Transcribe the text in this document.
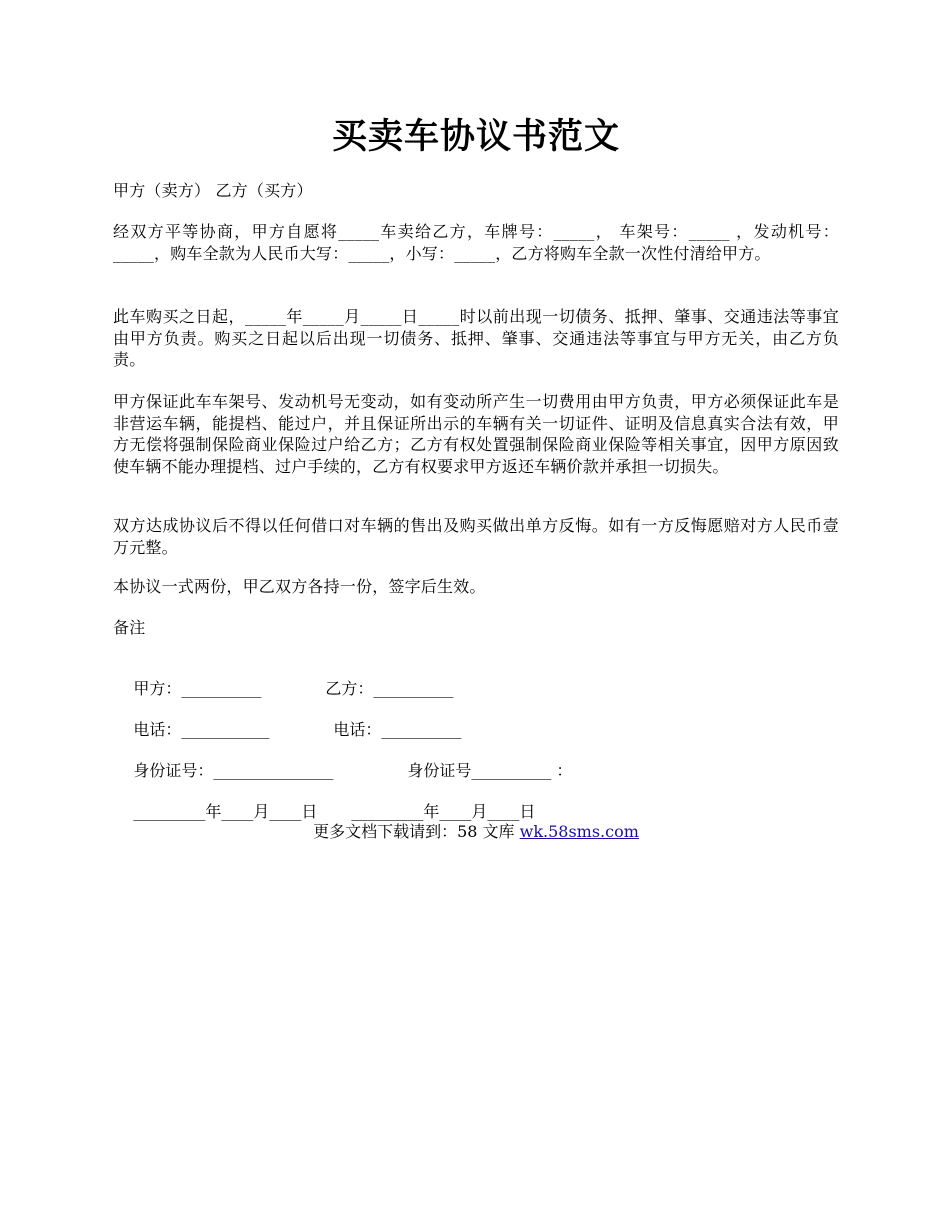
买卖车协议书范文

甲方（卖方） 乙方（买方）

经双方平等协商，甲方自愿将_____车卖给乙方，车牌号：_____， 车架号：_____ ，发动机号：_____，购车全款为人民币大写：_____，小写：_____，乙方将购车全款一次性付清给甲方。

此车购买之日起，_____年_____月_____日_____时以前出现一切债务、抵押、肇事、交通违法等事宜由甲方负责。购买之日起以后出现一切债务、抵押、肇事、交通违法等事宜与甲方无关，由乙方负责。

甲方保证此车车架号、发动机号无变动，如有变动所产生一切费用由甲方负责，甲方必须保证此车是非营运车辆，能提档、能过户，并且保证所出示的车辆有关一切证件、证明及信息真实合法有效，甲方无偿将强制保险商业保险过户给乙方；乙方有权处置强制保险商业保险等相关事宜，因甲方原因致使车辆不能办理提档、过户手续的，乙方有权要求甲方返还车辆价款并承担一切损失。

双方达成协议后不得以任何借口对车辆的售出及购买做出单方反悔。如有一方反悔愿赔对方人民币壹万元整。

本协议一式两份，甲乙双方各持一份，签字后生效。

备注

甲方：__________	乙方：__________

电话：___________	电话：__________

身份证号：_______________	身份证号__________ ：

_________年____月____日 _________年____月____日

更多文档下载请到：58 文库 wk.58sms.com
